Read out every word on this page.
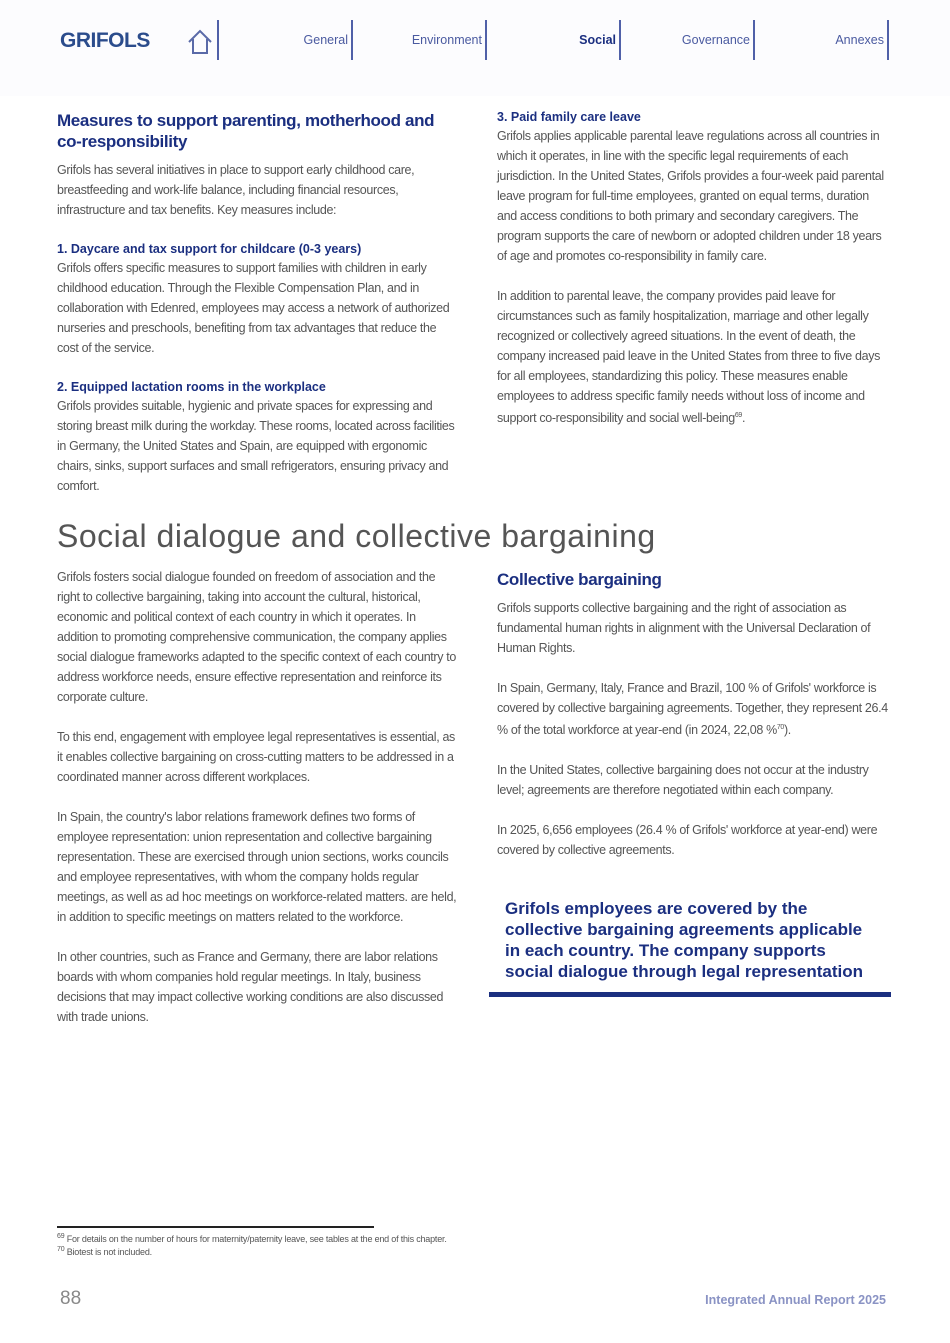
GRIFOLS	General	Environment	Social	Governance	Annexes
Measures to support parenting, motherhood and co-responsibility

Grifols has several initiatives in place to support early childhood care, breastfeeding and work-life balance, including financial resources, infrastructure and tax benefits. Key measures include:

1. Daycare and tax support for childcare (0-3 years)

Grifols offers specific measures to support families with children in early childhood education. Through the Flexible Compensation Plan, and in collaboration with Edenred, employees may access a network of authorized nurseries and preschools, benefiting from tax advantages that reduce the cost of the service.

2. Equipped lactation rooms in the workplace

Grifols provides suitable, hygienic and private spaces for expressing and storing breast milk during the workday. These rooms, located across facilities in Germany, the United States and Spain, are equipped with ergonomic chairs, sinks, support surfaces and small refrigerators, ensuring privacy and comfort.

3. Paid family care leave

Grifols applies applicable parental leave regulations across all countries in which it operates, in line with the specific legal requirements of each jurisdiction. In the United States, Grifols provides a four-week paid parental leave program for full-time employees, granted on equal terms, duration and access conditions to both primary and secondary caregivers. The program supports the care of newborn or adopted children under 18 years of age and promotes co-responsibility in family care.

In addition to parental leave, the company provides paid leave for circumstances such as family hospitalization, marriage and other legally recognized or collectively agreed situations. In the event of death, the company increased paid leave in the United States from three to five days for all employees, standardizing this policy. These measures enable employees to address specific family needs without loss of income and support co-responsibility and social well-being$^{69}$.

Social dialogue and collective bargaining

Grifols fosters social dialogue founded on freedom of association and the right to collective bargaining, taking into account the cultural, historical, economic and political context of each country in which it operates. In addition to promoting comprehensive communication, the company applies social dialogue frameworks adapted to the specific context of each country to address workforce needs, ensure effective representation and reinforce its corporate culture.

To this end, engagement with employee legal representatives is essential, as it enables collective bargaining on cross-cutting matters to be addressed in a coordinated manner across different workplaces.

In Spain, the country's labor relations framework defines two forms of employee representation: union representation and collective bargaining representation. These are exercised through union sections, works councils and employee representatives, with whom the company holds regular meetings, as well as ad hoc meetings on workforce-related matters. are held, in addition to specific meetings on matters related to the workforce.

In other countries, such as France and Germany, there are labor relations boards with whom companies hold regular meetings. In Italy, business decisions that may impact collective working conditions are also discussed with trade unions.

Collective bargaining

Grifols supports collective bargaining and the right of association as fundamental human rights in alignment with the Universal Declaration of Human Rights.

In Spain, Germany, Italy, France and Brazil, 100 % of Grifols' workforce is covered by collective bargaining agreements. Together, they represent 26.4 % of the total workforce at year-end (in 2024, 22,08 %$^{70}$).

In the United States, collective bargaining does not occur at the industry level; agreements are therefore negotiated within each company.

In 2025, 6,656 employees (26.4 % of Grifols' workforce at year-end) were covered by collective agreements.

Grifols employees are covered by the collective bargaining agreements applicable in each country. The company supports social dialogue through legal representation
$^{69}$ For details on the number of hours for maternity/paternity leave, see tables at the end of this chapter.
$^{70}$ Biotest is not included.
88	Integrated Annual Report 2025
